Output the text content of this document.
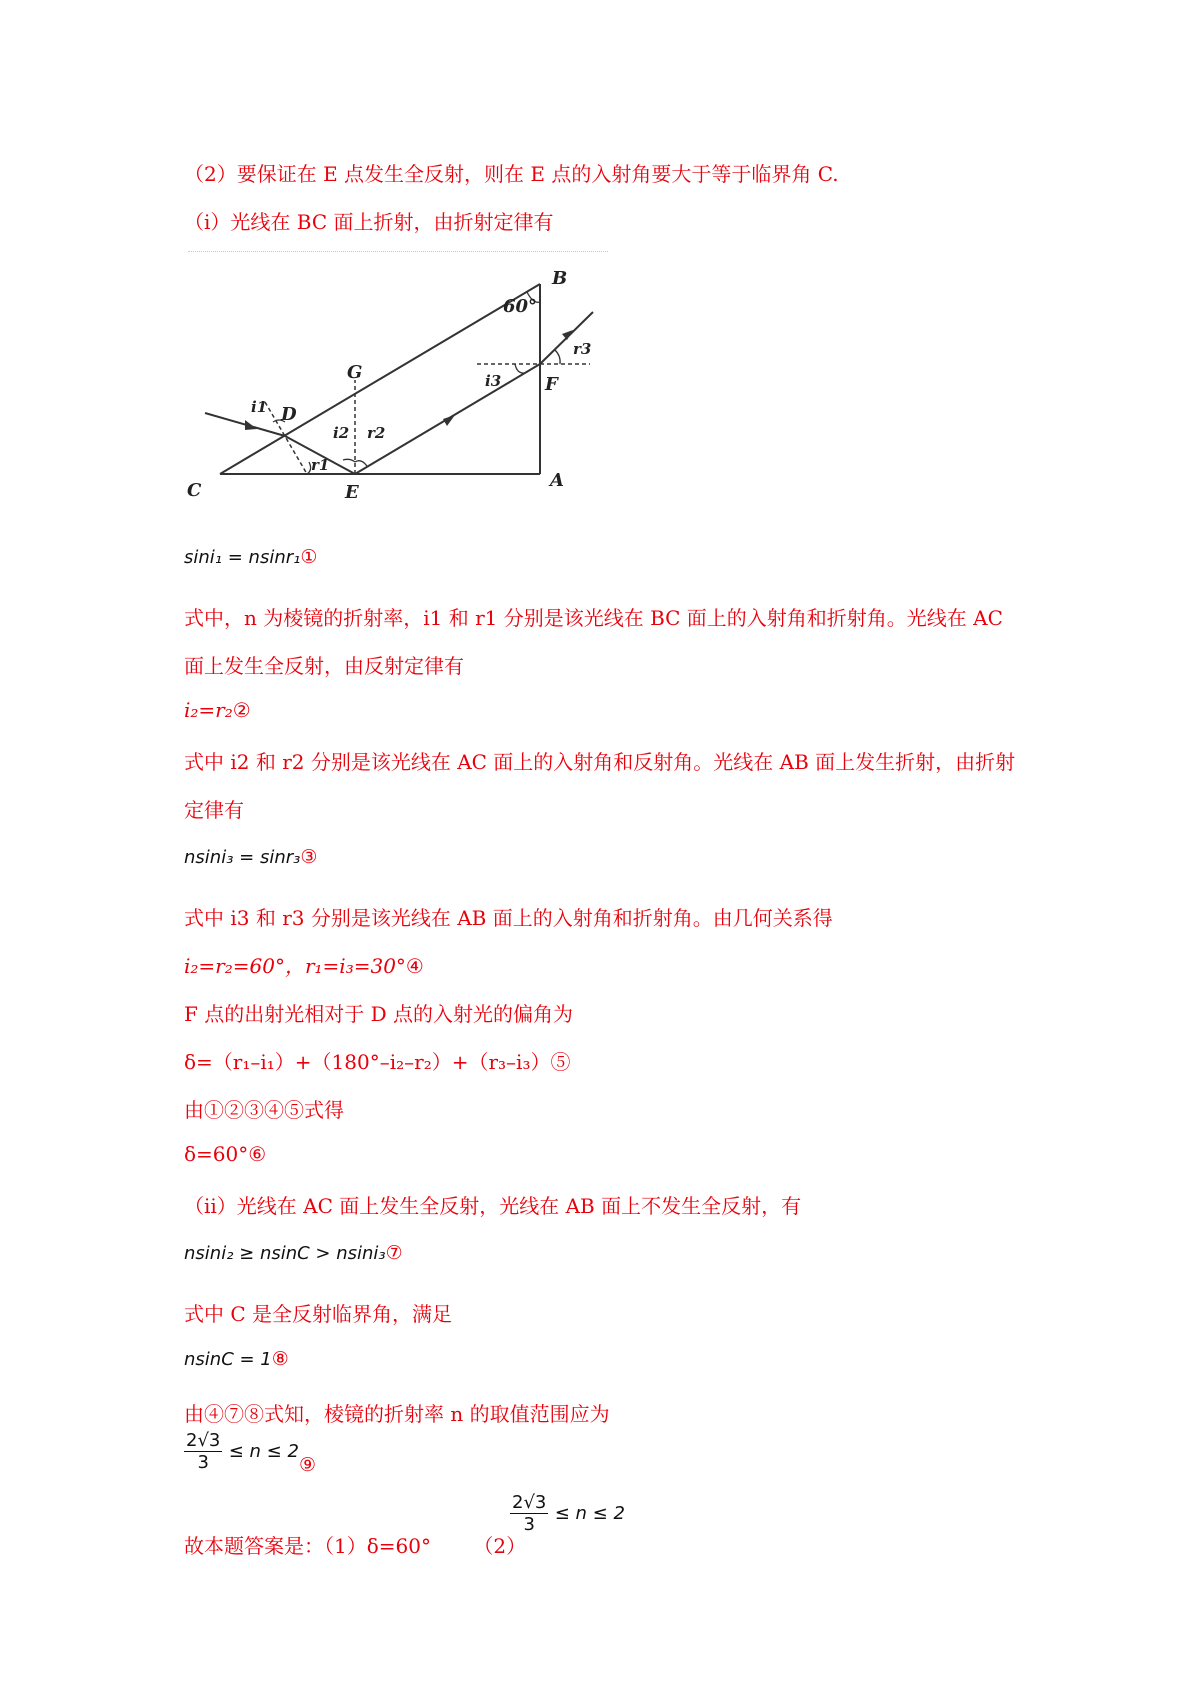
（2）要保证在 E 点发生全反射，则在 E 点的入射角要大于等于临界角 C.
（ⅰ）光线在 BC 面上折射，由折射定律有
B
C	A
E
D
F
G
60°
i1
r1
i2 r2
i3
r3
sini₁ = nsinr₁①
式中，n 为棱镜的折射率，i1 和 r1 分别是该光线在 BC 面上的入射角和折射角。光线在 AC
面上发生全反射，由反射定律有
i₂=r₂②
式中 i2 和 r2 分别是该光线在 AC 面上的入射角和反射角。光线在 AB 面上发生折射，由折射
定律有
nsini₃ = sinr₃③
式中 i3 和 r3 分别是该光线在 AB 面上的入射角和折射角。由几何关系得
i₂=r₂=60°，r₁=i₃=30°④
F 点的出射光相对于 D 点的入射光的偏角为
δ=（r₁–i₁）+（180°–i₂–r₂）+（r₃–i₃）⑤
由①②③④⑤式得
δ=60°⑥
（ⅱ）光线在 AC 面上发生全反射，光线在 AB 面上不发生全反射，有
nsini₂ ≥ nsinC > nsini₃⑦
式中 C 是全反射临界角，满足
nsinC = 1⑧
由④⑦⑧式知，棱镜的折射率 n 的取值范围应为
$\frac{2√3}{3} \le n$ ≤ 2⑨
故本题答案是：（1）δ=60° （2）
$\frac{2√3}{3} \le n \le 2$
